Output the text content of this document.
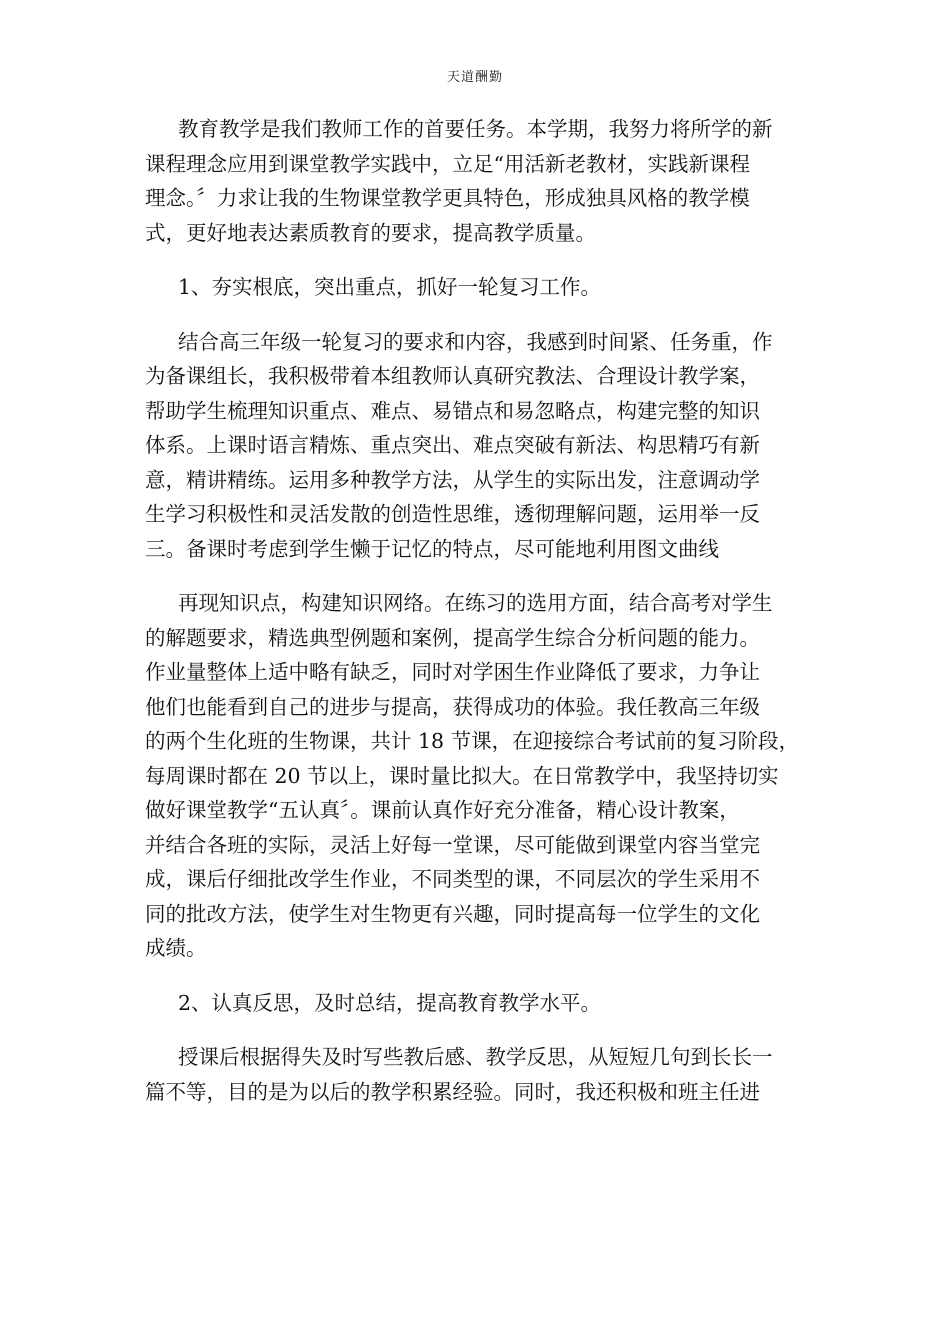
天道酬勤
教育教学是我们教师工作的首要任务。本学期，我努力将所学的新
课程理念应用到课堂教学实践中，立足“用活新老教材，实践新课程
理念。〞力求让我的生物课堂教学更具特色，形成独具风格的教学模
式，更好地表达素质教育的要求，提高教学质量。
1、夯实根底，突出重点，抓好一轮复习工作。
结合高三年级一轮复习的要求和内容，我感到时间紧、任务重，作
为备课组长，我积极带着本组教师认真研究教法、合理设计教学案，
帮助学生梳理知识重点、难点、易错点和易忽略点，构建完整的知识
体系。上课时语言精炼、重点突出、难点突破有新法、构思精巧有新
意，精讲精练。运用多种教学方法，从学生的实际出发，注意调动学
生学习积极性和灵活发散的创造性思维，透彻理解问题，运用举一反
三。备课时考虑到学生懒于记忆的特点，尽可能地利用图文曲线
再现知识点，构建知识网络。在练习的选用方面，结合高考对学生
的解题要求，精选典型例题和案例，提高学生综合分析问题的能力。
作业量整体上适中略有缺乏，同时对学困生作业降低了要求，力争让
他们也能看到自己的进步与提高，获得成功的体验。我任教高三年级
的两个生化班的生物课，共计 18 节课，在迎接综合考试前的复习阶段，
每周课时都在 20 节以上，课时量比拟大。在日常教学中，我坚持切实
做好课堂教学“五认真〞。课前认真作好充分准备，精心设计教案，
并结合各班的实际，灵活上好每一堂课，尽可能做到课堂内容当堂完
成，课后仔细批改学生作业，不同类型的课，不同层次的学生采用不
同的批改方法，使学生对生物更有兴趣，同时提高每一位学生的文化
成绩。
2、认真反思，及时总结，提高教育教学水平。
授课后根据得失及时写些教后感、教学反思，从短短几句到长长一
篇不等，目的是为以后的教学积累经验。同时，我还积极和班主任进
